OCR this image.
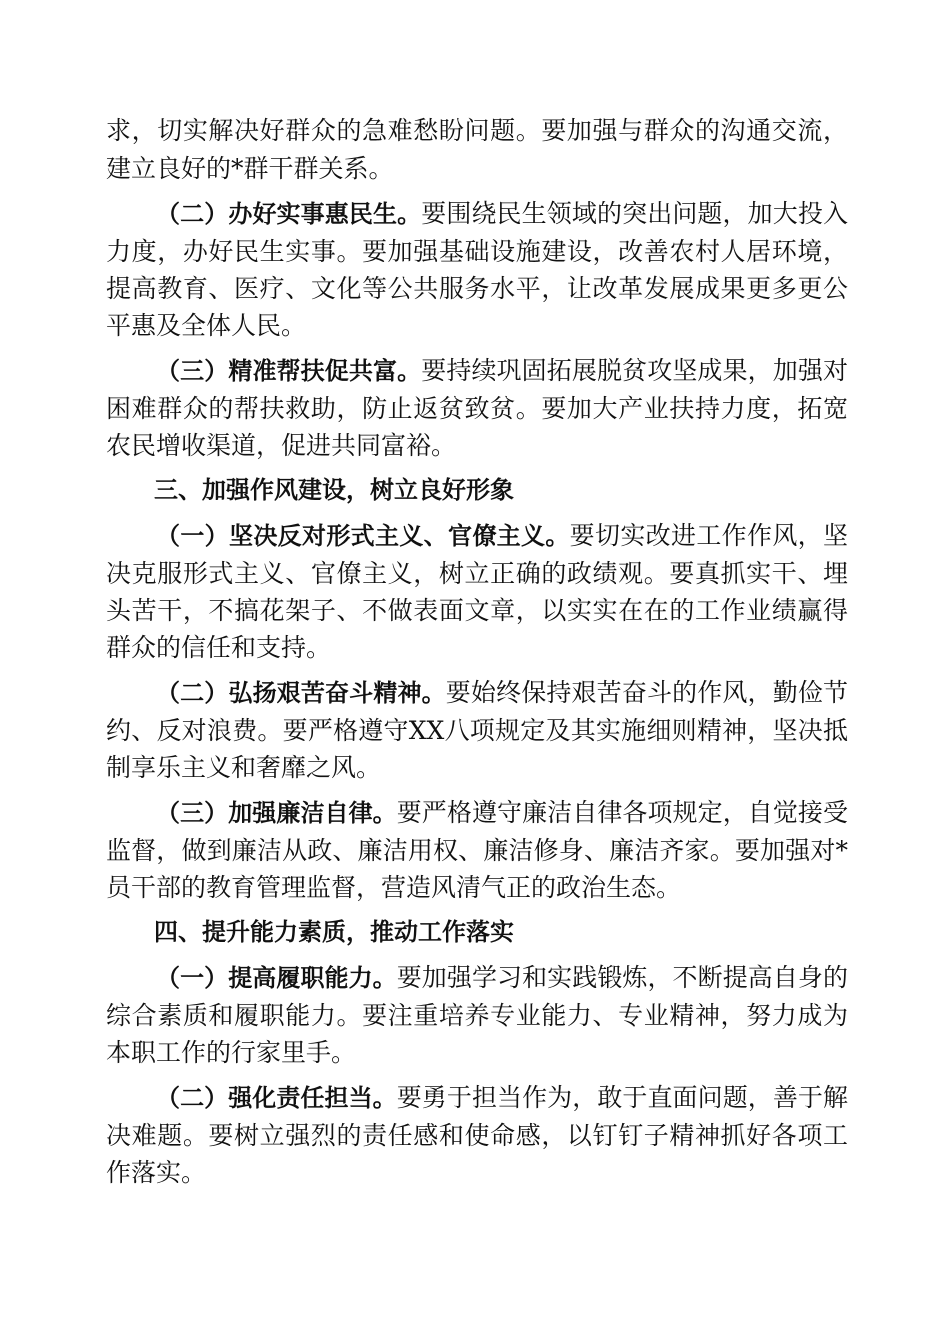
求，切实解决好群众的急难愁盼问题。要加强与群众的沟通交流，建立良好的*群干群关系。

（二）办好实事惠民生。要围绕民生领域的突出问题，加大投入力度，办好民生实事。要加强基础设施建设，改善农村人居环境，提高教育、医疗、文化等公共服务水平，让改革发展成果更多更公平惠及全体人民。

（三）精准帮扶促共富。要持续巩固拓展脱贫攻坚成果，加强对困难群众的帮扶救助，防止返贫致贫。要加大产业扶持力度，拓宽农民增收渠道，促进共同富裕。

三、加强作风建设，树立良好形象

（一）坚决反对形式主义、官僚主义。要切实改进工作作风，坚决克服形式主义、官僚主义，树立正确的政绩观。要真抓实干、埋头苦干，不搞花架子、不做表面文章，以实实在在的工作业绩赢得群众的信任和支持。

（二）弘扬艰苦奋斗精神。要始终保持艰苦奋斗的作风，勤俭节约、反对浪费。要严格遵守XX八项规定及其实施细则精神，坚决抵制享乐主义和奢靡之风。

（三）加强廉洁自律。要严格遵守廉洁自律各项规定，自觉接受监督，做到廉洁从政、廉洁用权、廉洁修身、廉洁齐家。要加强对*员干部的教育管理监督，营造风清气正的政治生态。

四、提升能力素质，推动工作落实

（一）提高履职能力。要加强学习和实践锻炼，不断提高自身的综合素质和履职能力。要注重培养专业能力、专业精神，努力成为本职工作的行家里手。

（二）强化责任担当。要勇于担当作为，敢于直面问题，善于解决难题。要树立强烈的责任感和使命感，以钉钉子精神抓好各项工作落实。
